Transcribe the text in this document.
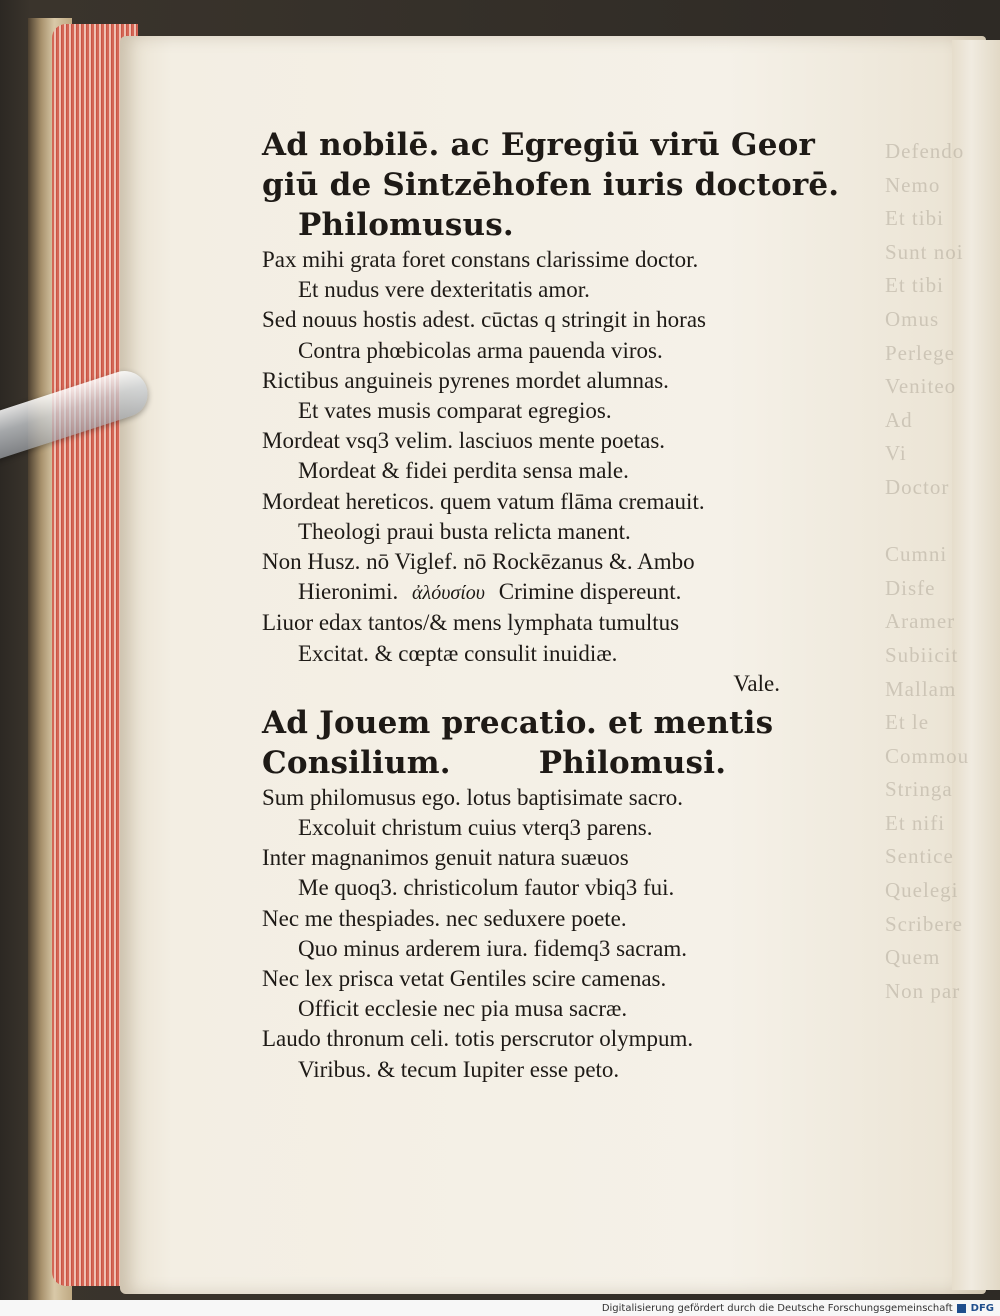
Defendo
Nemo
Et tibi
Sunt noi
Et tibi
Omus
Perlege
Veniteo
Ad
Vi
Doctor

Cumni
Disfe
Aramer
Subiicit
Mallam
Et le
Commou
Stringa
Et nifi
Sentice
Quelegi
Scribere
Quem
Non par
Ad nobilē. ac Egregiū virū Geor
giū de Sintzēhofen iuris doctorē.
Philomusus.
Pax mihi grata foret constans clarissime doctor.
Et nudus vere dexteritatis amor.
Sed nouus hostis adest. cūctas q stringit in horas
Contra phœbicolas arma pauenda viros.
Rictibus anguineis pyrenes mordet alumnas.
Et vates musis comparat egregios.
Mordeat vsq3 velim. lasciuos mente poetas.
Mordeat & fidei perdita sensa male.
Mordeat hereticos. quem vatum flāma cremauit.
Theologi praui busta relicta manent.
Non Husz. nō Viglef. nō Rockēzanus &. Ambo
Hieronimi. ἀλόυσίου Crimine dispereunt.
Liuor edax tantos/& mens lymphata tumultus
Excitat. & cœptæ consulit inuidiæ.
Vale.
Ad Jouem precatio. et mentis
Consilium.        Philomusi.
Sum philomusus ego. lotus baptisimate sacro.
Excoluit christum cuius vterq3 parens.
Inter magnanimos genuit natura suæuos
Me quoq3. christicolum fautor vbiq3 fui.
Nec me thespiades. nec seduxere poete.
Quo minus arderem iura. fidemq3 sacram.
Nec lex prisca vetat Gentiles scire camenas.
Officit ecclesie nec pia musa sacræ.
Laudo thronum celi. totis perscrutor olympum.
Viribus. & tecum Iupiter esse peto.
Digitalisierung gefördert durch die Deutsche Forschungsgemeinschaft DFG
